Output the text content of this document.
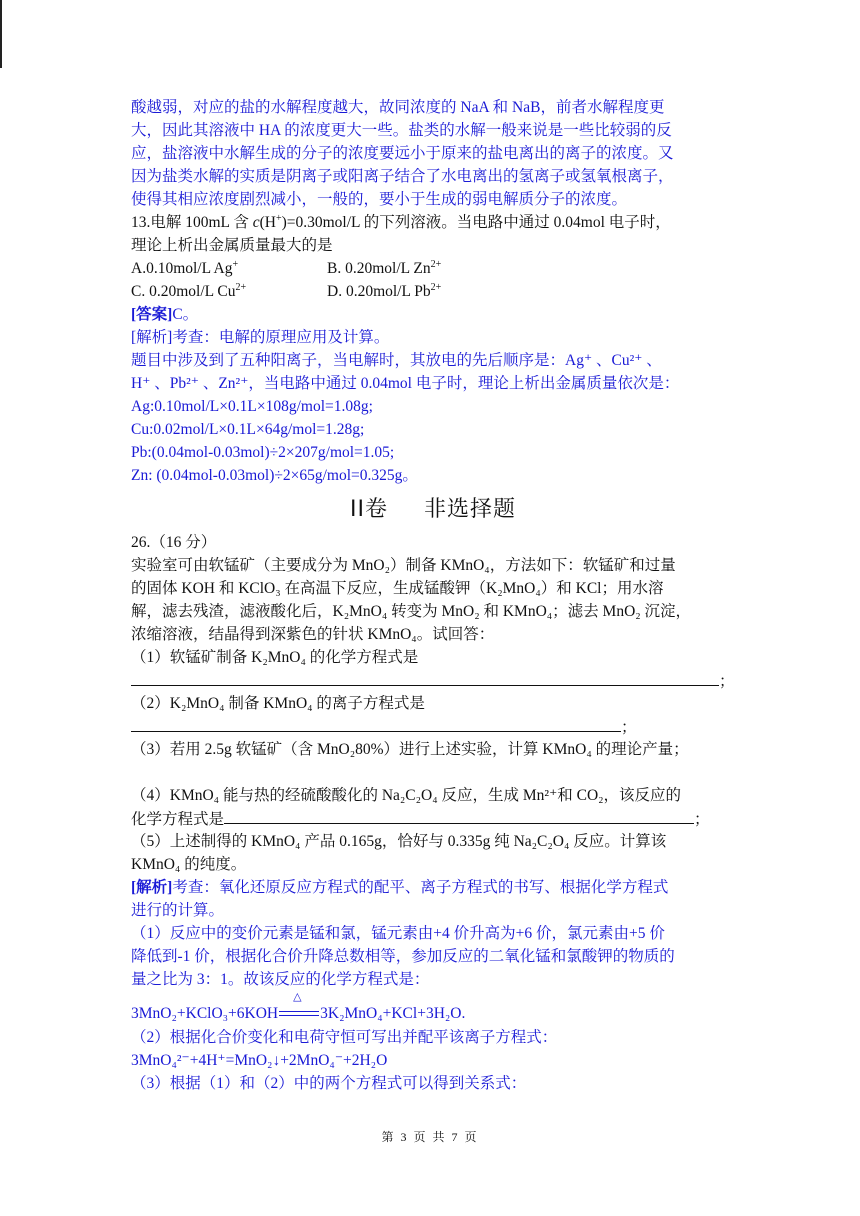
酸越弱，对应的盐的水解程度越大，故同浓度的 NaA 和 NaB，前者水解程度更
大，因此其溶液中 HA 的浓度更大一些。盐类的水解一般来说是一些比较弱的反
应，盐溶液中水解生成的分子的浓度要远小于原来的盐电离出的离子的浓度。又
因为盐类水解的实质是阴离子或阳离子结合了水电离出的氢离子或氢氧根离子，
使得其相应浓度剧烈减小，一般的，要小于生成的弱电解质分子的浓度。
13.电解 100mL 含 c(H+)=0.30mol/L 的下列溶液。当电路中通过 0.04mol 电子时，
理论上析出金属质量最大的是
A.0.10mol/L Ag+	B. 0.20mol/L $Zn^{2+}$
C. 0.20mol/L $Cu^{2+}$	D. 0.20mol/L $Pb^{2+}$
[答案]C。
[解析]考查：电解的原理应用及计算。
题目中涉及到了五种阳离子，当电解时，其放电的先后顺序是：Ag⁺ 、Cu²⁺ 、
H⁺ 、Pb²⁺ 、Zn²⁺，当电路中通过 0.04mol 电子时，理论上析出金属质量依次是：
Ag:0.10mol/L×0.1L×108g/mol=1.08g;
Cu:0.02mol/L×0.1L×64g/mol=1.28g;
Pb:(0.04mol-0.03mol)÷2×207g/mol=1.05;
Zn: (0.04mol-0.03mol)÷2×65g/mol=0.325g。
II卷 非选择题
26.（16 分）
实验室可由软锰矿（主要成分为 MnO₂）制备 KMnO₄，方法如下：软锰矿和过量
的固体 KOH 和 KClO₃ 在高温下反应，生成锰酸钾（K₂MnO₄）和 KCl；用水溶
解，滤去残渣，滤液酸化后，K₂MnO₄ 转变为 MnO₂ 和 KMnO₄；滤去 MnO₂ 沉淀，
浓缩溶液，结晶得到深紫色的针状 KMnO₄。试回答：
（1）软锰矿制备 K₂MnO₄ 的化学方程式是
；
（2）K₂MnO₄ 制备 KMnO₄ 的离子方程式是
；
（3）若用 2.5g 软锰矿（含 MnO₂80%）进行上述实验，计算 KMnO₄ 的理论产量；
（4）KMnO₄ 能与热的经硫酸酸化的 Na₂C₂O₄ 反应，生成 Mn²⁺和 CO₂，该反应的
化学方程式是	；
（5）上述制得的 KMnO₄ 产品 0.165g，恰好与 0.335g 纯 Na₂C₂O₄ 反应。计算该
KMnO₄ 的纯度。
[解析]考查：氧化还原反应方程式的配平、离子方程式的书写、根据化学方程式
进行的计算。
（1）反应中的变价元素是锰和氯，锰元素由+4 价升高为+6 价，氯元素由+5 价
降低到-1 价，根据化合价升降总数相等，参加反应的二氧化锰和氯酸钾的物质的
量之比为 3：1。故该反应的化学方程式是：
3MnO₂+KClO₃+6KOH
△
3K₂MnO₄+KCl+3H₂O.
（2）根据化合价变化和电荷守恒可写出并配平该离子方程式：
3MnO₄²⁻+4H⁺=MnO₂↓+2MnO₄⁻+2H₂O
（3）根据（1）和（2）中的两个方程式可以得到关系式：
第 3 页 共 7 页
